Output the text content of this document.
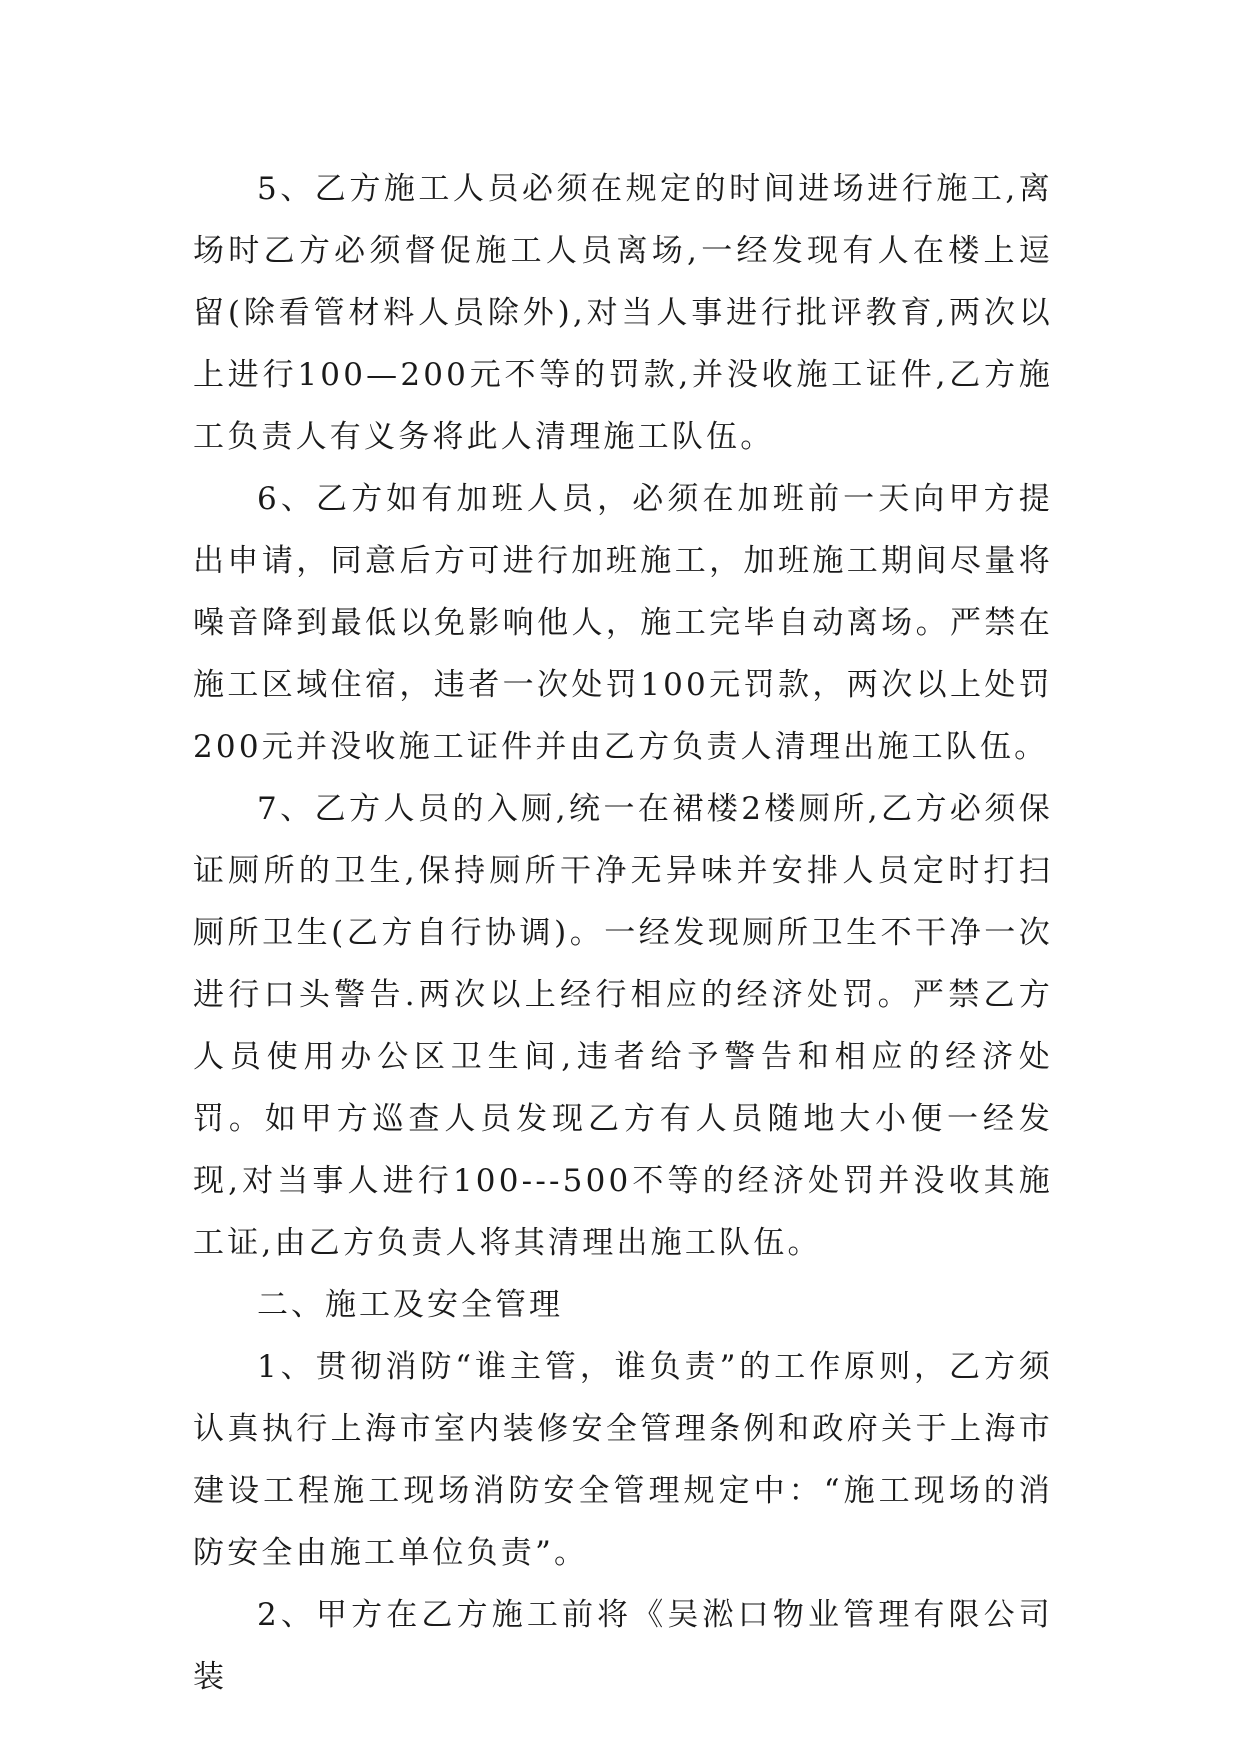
5、乙方施工人员必须在规定的时间进场进行施工,离场时乙方必须督促施工人员离场,一经发现有人在楼上逗留(除看管材料人员除外),对当人事进行批评教育,两次以上进行100—200元不等的罚款,并没收施工证件,乙方施工负责人有义务将此人清理施工队伍。

6、乙方如有加班人员，必须在加班前一天向甲方提出申请，同意后方可进行加班施工，加班施工期间尽量将噪音降到最低以免影响他人，施工完毕自动离场。严禁在施工区域住宿，违者一次处罚100元罚款，两次以上处罚200元并没收施工证件并由乙方负责人清理出施工队伍。

7、乙方人员的入厕,统一在裙楼2楼厕所,乙方必须保证厕所的卫生,保持厕所干净无异味并安排人员定时打扫厕所卫生(乙方自行协调)。一经发现厕所卫生不干净一次进行口头警告.两次以上经行相应的经济处罚。严禁乙方人员使用办公区卫生间,违者给予警告和相应的经济处罚。如甲方巡查人员发现乙方有人员随地大小便一经发现,对当事人进行100---500不等的经济处罚并没收其施工证,由乙方负责人将其清理出施工队伍。

二、施工及安全管理

1、贯彻消防“谁主管，谁负责”的工作原则，乙方须认真执行上海市室内装修安全管理条例和政府关于上海市建设工程施工现场消防安全管理规定中：“施工现场的消防安全由施工单位负责”。

2、甲方在乙方施工前将《吴淞口物业管理有限公司装
